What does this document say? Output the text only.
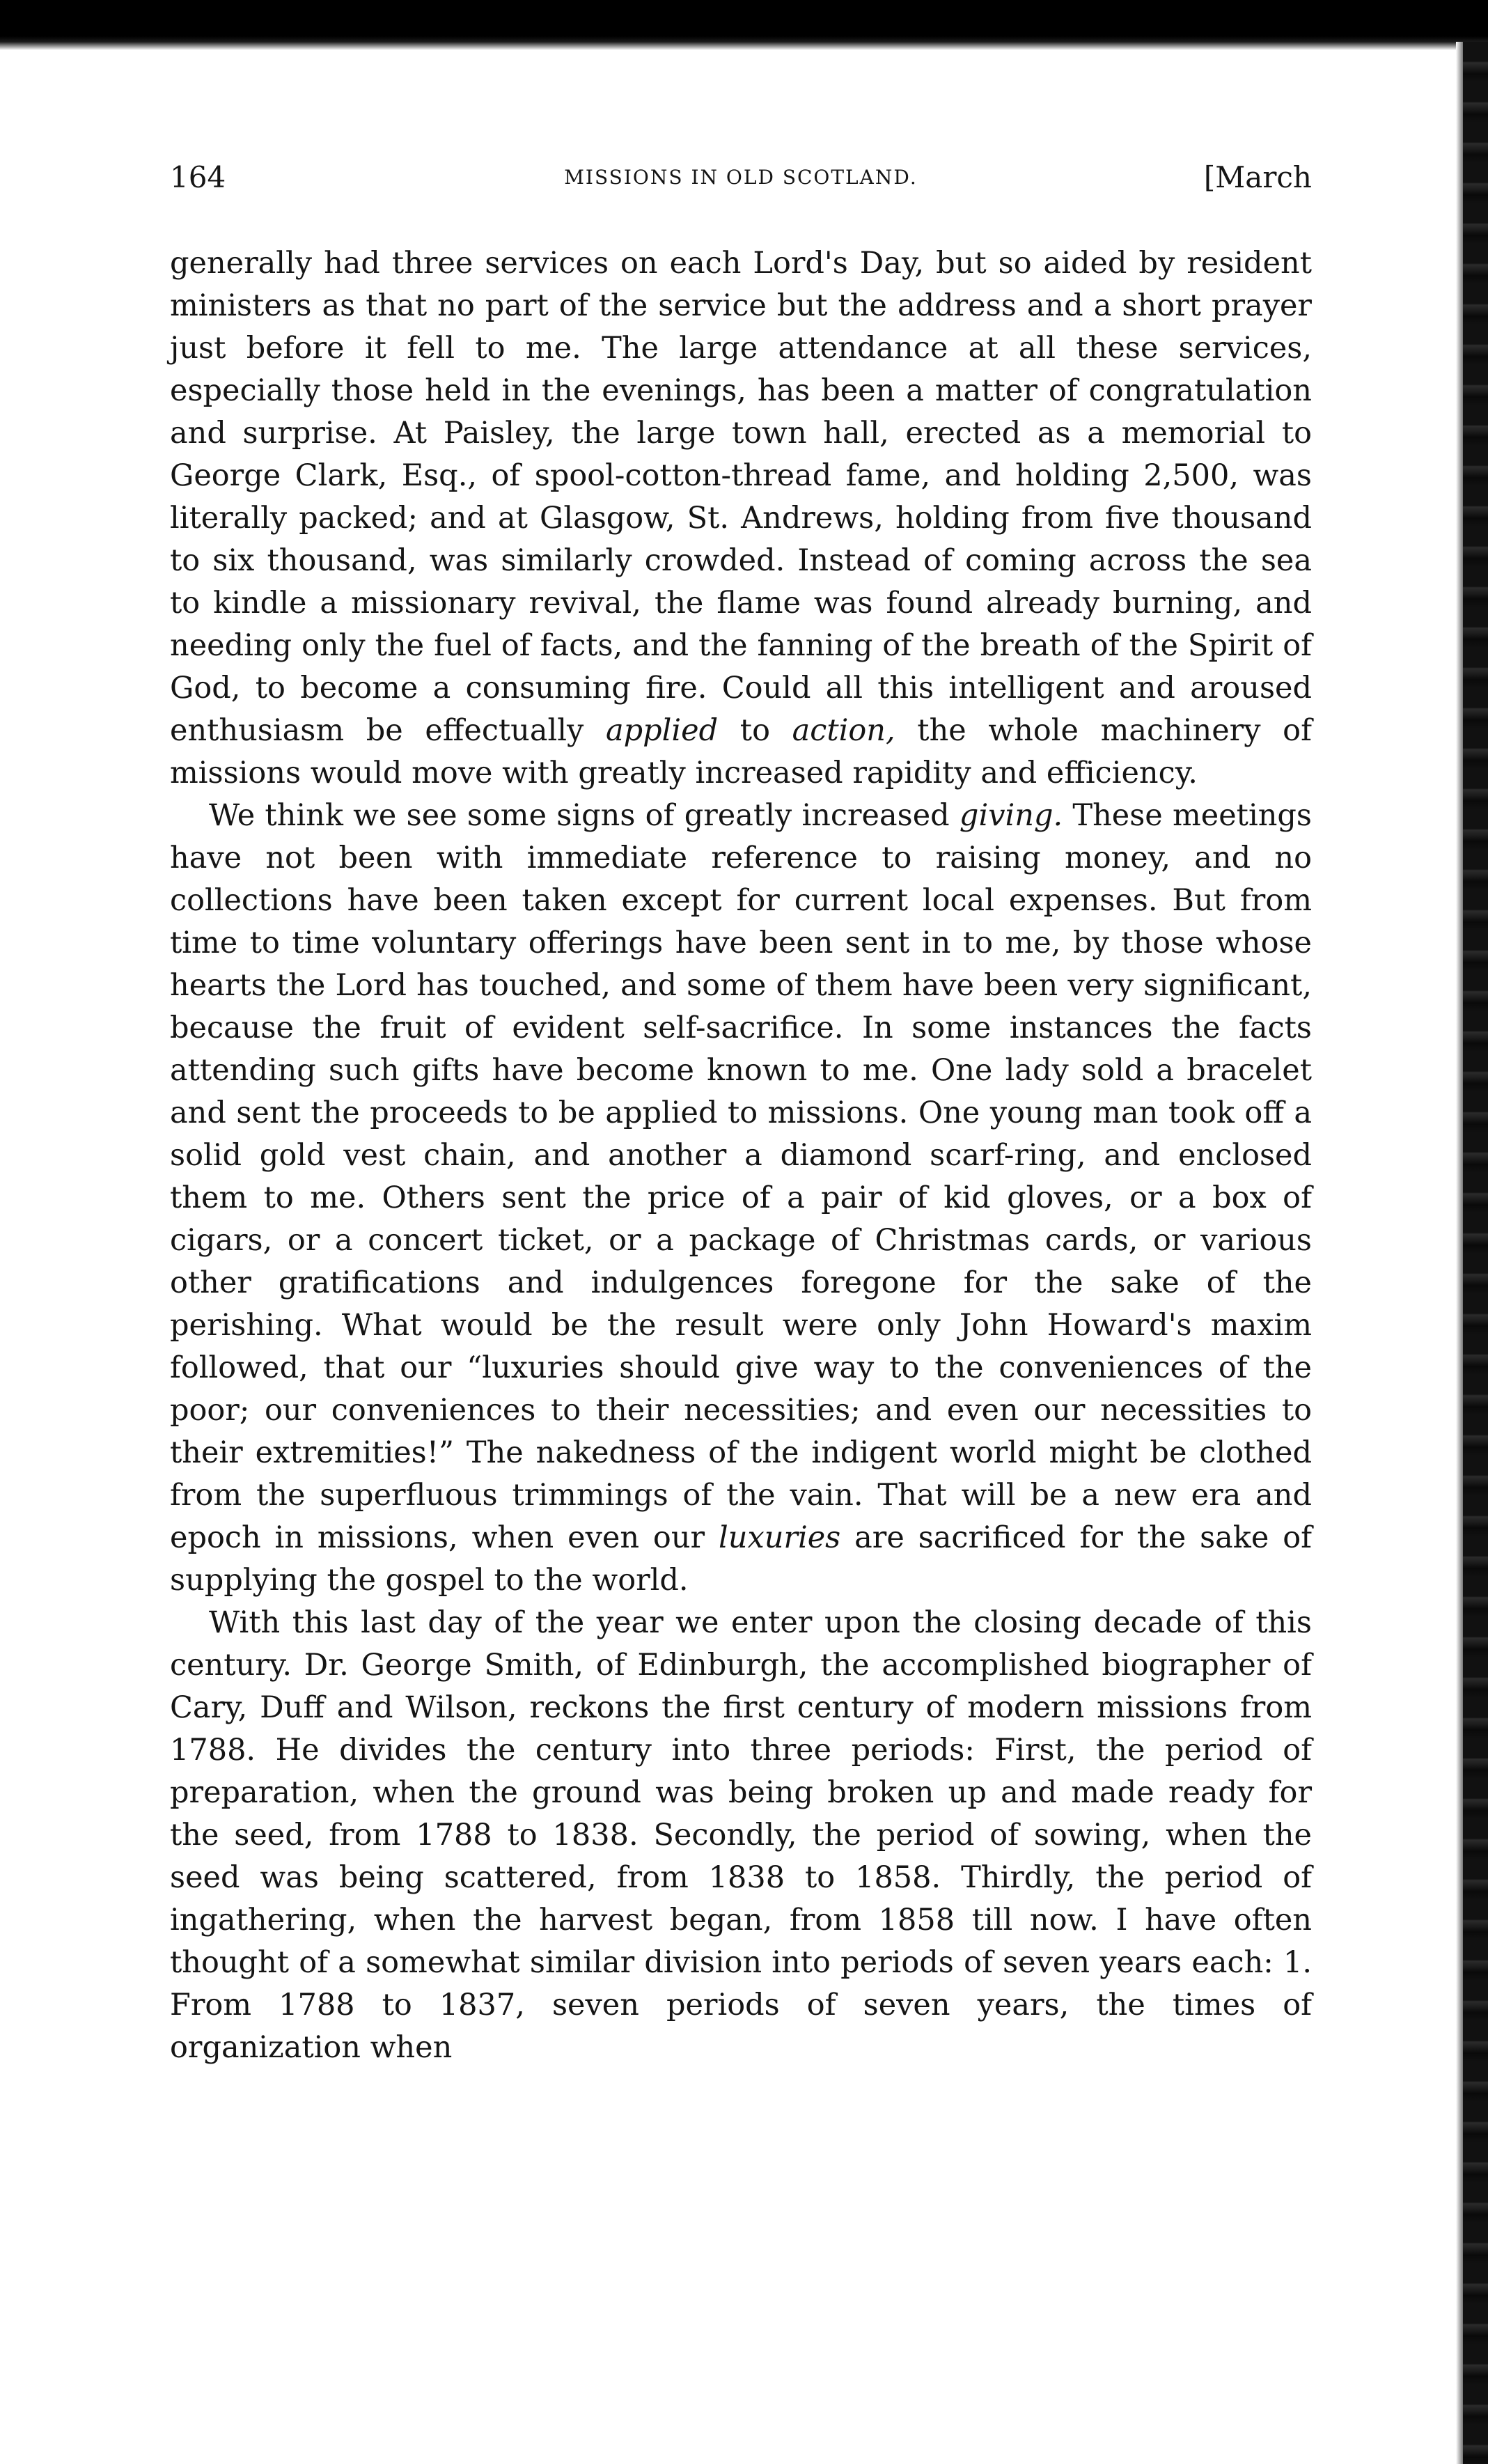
164	MISSIONS IN OLD SCOTLAND.	[March

generally had three services on each Lord's Day, but so aided by resident ministers as that no part of the service but the address and a short prayer just before it fell to me. The large attendance at all these services, especially those held in the evenings, has been a matter of congratulation and surprise. At Paisley, the large town hall, erected as a memorial to George Clark, Esq., of spool-cotton-thread fame, and holding 2,500, was literally packed; and at Glasgow, St. Andrews, holding from five thousand to six thousand, was similarly crowded. Instead of coming across the sea to kindle a missionary revival, the flame was found already burning, and needing only the fuel of facts, and the fanning of the breath of the Spirit of God, to become a consuming fire. Could all this intelligent and aroused enthusiasm be effectually applied to action, the whole machinery of missions would move with greatly increased rapidity and efficiency.

We think we see some signs of greatly increased giving. These meetings have not been with immediate reference to raising money, and no collections have been taken except for current local expenses. But from time to time voluntary offerings have been sent in to me, by those whose hearts the Lord has touched, and some of them have been very significant, because the fruit of evident self-sacrifice. In some instances the facts attending such gifts have become known to me. One lady sold a bracelet and sent the proceeds to be applied to missions. One young man took off a solid gold vest chain, and another a diamond scarf-ring, and enclosed them to me. Others sent the price of a pair of kid gloves, or a box of cigars, or a concert ticket, or a package of Christmas cards, or various other gratifications and indulgences foregone for the sake of the perishing. What would be the result were only John Howard's maxim followed, that our “luxuries should give way to the conveniences of the poor; our conveniences to their necessities; and even our necessities to their extremities!” The nakedness of the indigent world might be clothed from the superfluous trimmings of the vain. That will be a new era and epoch in missions, when even our luxuries are sacrificed for the sake of supplying the gospel to the world.

With this last day of the year we enter upon the closing decade of this century. Dr. George Smith, of Edinburgh, the accomplished biographer of Cary, Duff and Wilson, reckons the first century of modern missions from 1788. He divides the century into three periods: First, the period of preparation, when the ground was being broken up and made ready for the seed, from 1788 to 1838. Secondly, the period of sowing, when the seed was being scattered, from 1838 to 1858. Thirdly, the period of ingathering, when the harvest began, from 1858 till now. I have often thought of a somewhat similar division into periods of seven years each: 1. From 1788 to 1837, seven periods of seven years, the times of organization when
